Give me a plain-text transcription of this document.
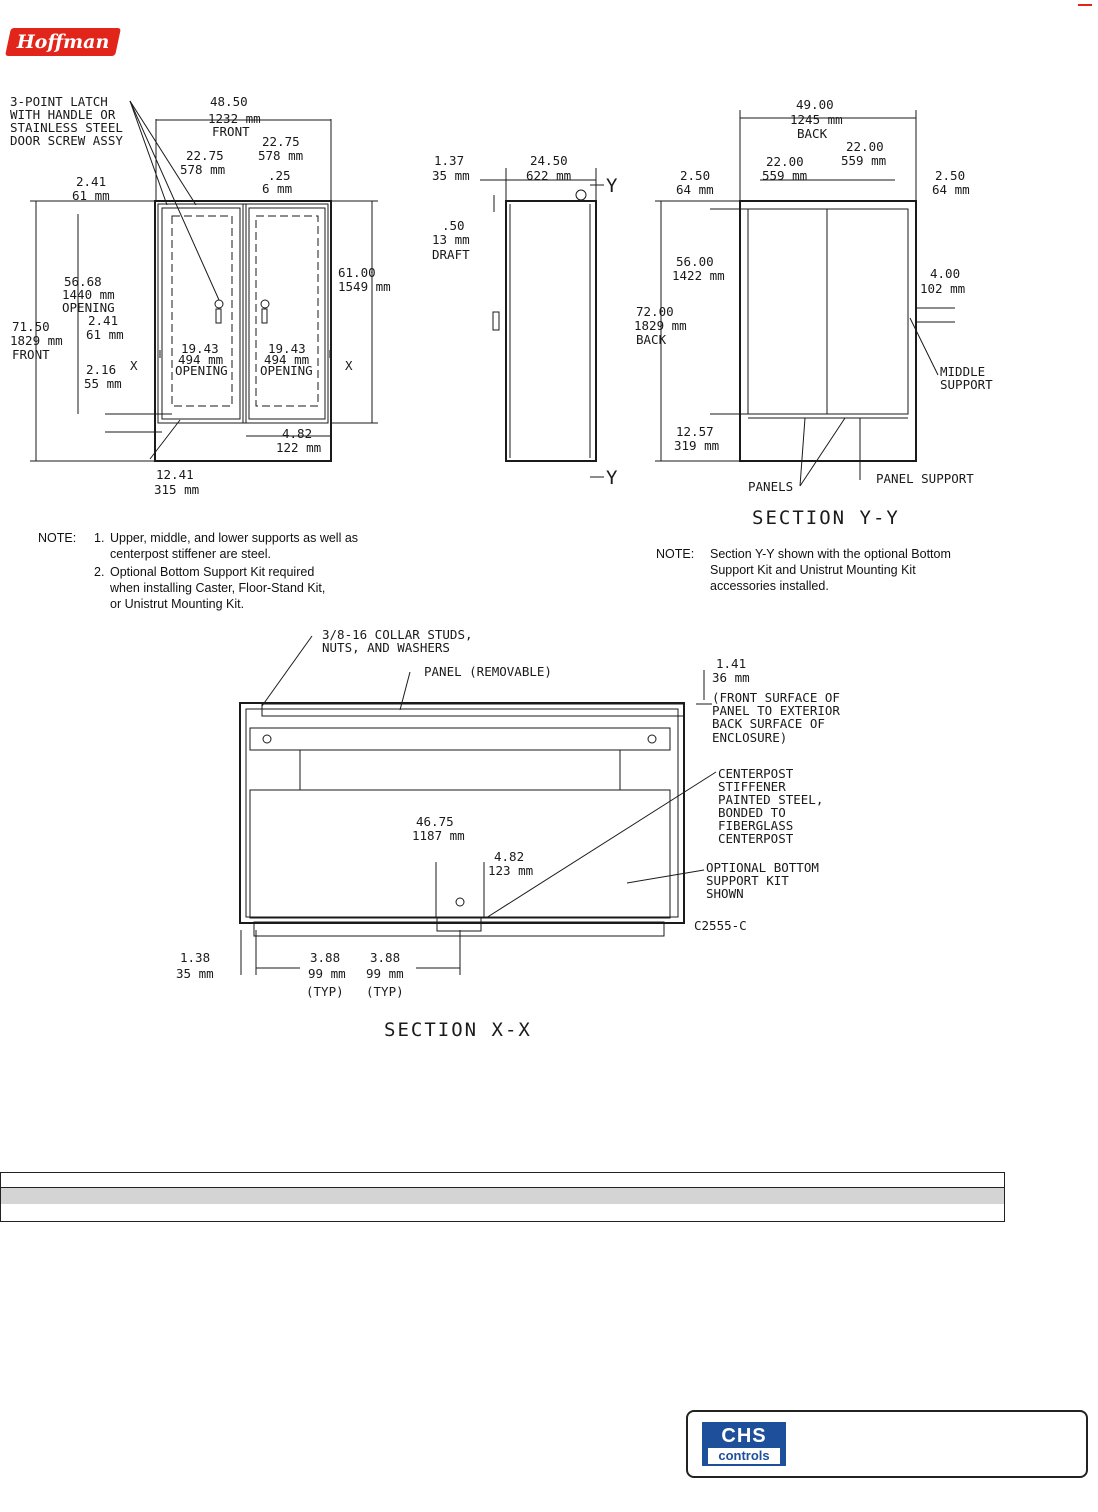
Hoffman
3-POINT LATCH
WITH HANDLE OR
STAINLESS STEEL
DOOR SCREW ASSY
48.50
1232 mm
FRONT
22.75
578 mm
22.75
578 mm	.25
6 mm
2.41
61 mm
56.68
1440 mm
OPENING
2.41
61 mm
71.50
1829 mm
FRONT
61.00
1549 mm
2.16
55 mm
X	X
19.43
494 mm
OPENING
19.43
494 mm
OPENING
4.82
122 mm
12.41
315 mm
1.37
35 mm
24.50
622 mm
.50
13 mm
DRAFT
Y
Y
49.00
1245 mm
BACK
22.00
559 mm
22.00
559 mm
2.50
64 mm
2.50
64 mm
56.00
1422 mm
72.00
1829 mm
BACK
4.00
102 mm
MIDDLE
SUPPORT
12.57
319 mm
PANELS
PANEL SUPPORT
SECTION Y-Y
3/8-16 COLLAR STUDS,
NUTS, AND WASHERS
PANEL (REMOVABLE)
1.41
36 mm
(FRONT SURFACE OF
PANEL TO EXTERIOR
BACK SURFACE OF
ENCLOSURE)
CENTERPOST
STIFFENER
PAINTED STEEL,
BONDED TO
FIBERGLASS
CENTERPOST
46.75
1187 mm
4.82
123 mm	OPTIONAL BOTTOM
SUPPORT KIT
SHOWN
C2555-C
1.38
35 mm
3.88
99 mm
(TYP)
3.88
99 mm
(TYP)
SECTION X-X
NOTE: 1. Upper, middle, and lower supports as well as
centerpost stiffener are steel.
2. Optional Bottom Support Kit required
when installing Caster, Floor-Stand Kit,
or Unistrut Mounting Kit.
NOTE: Section Y-Y shown with the optional Bottom
Support Kit and Unistrut Mounting Kit
accessories installed.
CHS
controls
